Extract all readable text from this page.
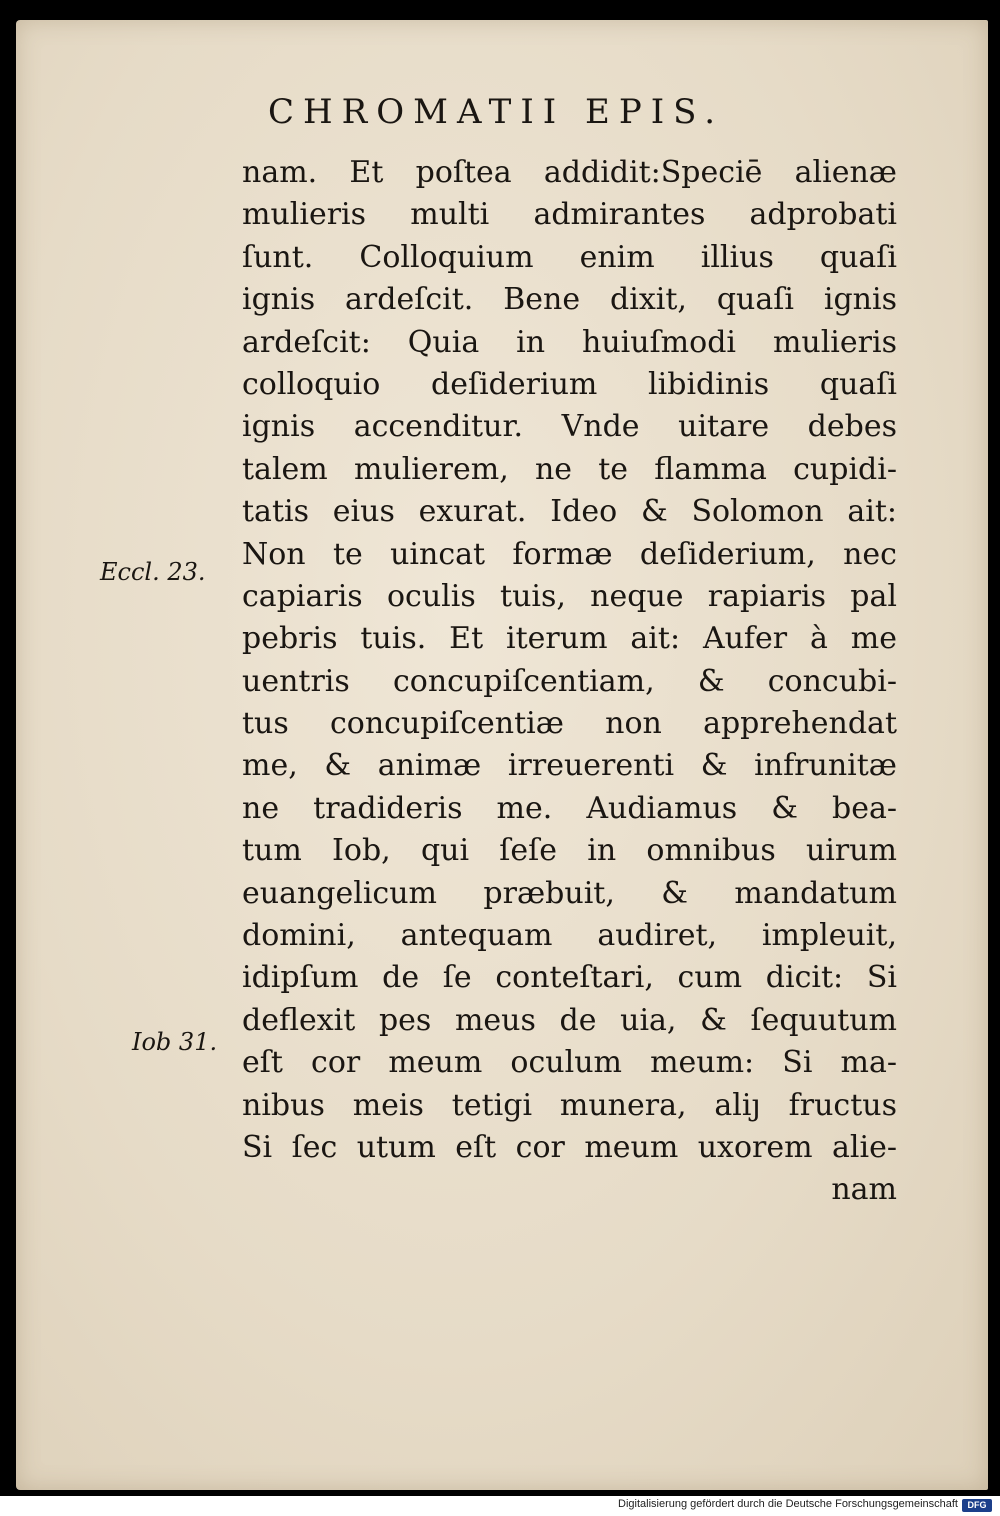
CHROMATII EPIS.
Eccl. 23.
Iob 31.
nam. Et poſtea addidit:Speciē alienæ
mulieris multi admirantes adprobati
ſunt. Colloquium enim illius quaſi
ignis ardeſcit. Bene dixit, quaſi ignis
ardeſcit: Quia in huiuſmodi mulieris
colloquio deſiderium libidinis quaſi
ignis accenditur. Vnde uitare debes
talem mulierem, ne te flamma cupidi-
tatis eius exurat. Ideo & Solomon ait:
Non te uincat formæ deſiderium, nec
capiaris oculis tuis, neque rapiaris pal
pebris tuis. Et iterum ait: Aufer à me
uentris concupiſcentiam, & concubi-
tus concupiſcentiæ non apprehendat
me, & animæ irreuerenti & infrunitæ
ne tradideris me. Audiamus & bea-
tum Iob, qui ſeſe in omnibus uirum
euangelicum præbuit, & mandatum
domini, antequam audiret, impleuit,
idipſum de ſe conteſtari, cum dicit: Si
deflexit pes meus de uia, & ſequutum
eſt cor meum oculum meum: Si ma-
nibus meis tetigi munera, aliȷ fructus
Si ſec utum eſt cor meum uxorem alie-
nam
Digitalisierung gefördert durch die Deutsche Forschungsgemeinschaft	DFG
